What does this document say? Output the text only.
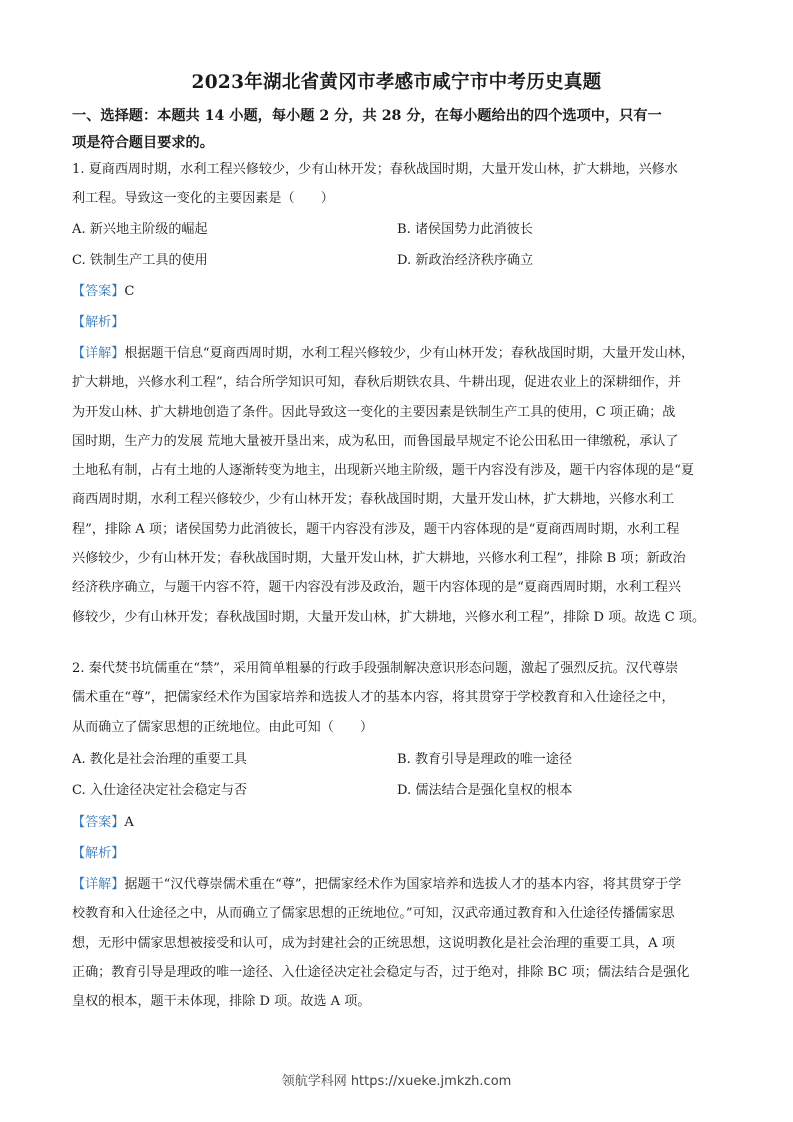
2023年湖北省黄冈市孝感市咸宁市中考历史真题
一、选择题：本题共 14 小题，每小题 2 分，共 28 分，在每小题给出的四个选项中，只有一
项是符合题目要求的。
1. 夏商西周时期，水利工程兴修较少，少有山林开发；春秋战国时期，大量开发山林，扩大耕地，兴修水
利工程。导致这一变化的主要因素是（　　）
A. 新兴地主阶级的崛起	B. 诸侯国势力此消彼长
C. 铁制生产工具的使用	D. 新政治经济秩序确立
【答案】C
【解析】
【详解】根据题干信息“夏商西周时期，水利工程兴修较少，少有山林开发；春秋战国时期，大量开发山林，
扩大耕地，兴修水利工程”，结合所学知识可知，春秋后期铁农具、牛耕出现，促进农业上的深耕细作，并
为开发山林、扩大耕地创造了条件。因此导致这一变化的主要因素是铁制生产工具的使用，C 项正确；战
国时期，生产力的发展 荒地大量被开垦出来，成为私田，而鲁国最早规定不论公田私田一律缴税，承认了
土地私有制，占有土地的人逐渐转变为地主，出现新兴地主阶级，题干内容没有涉及，题干内容体现的是“夏
商西周时期，水利工程兴修较少，少有山林开发；春秋战国时期，大量开发山林，扩大耕地，兴修水利工
程”，排除 A 项；诸侯国势力此消彼长，题干内容没有涉及，题干内容体现的是“夏商西周时期，水利工程
兴修较少，少有山林开发；春秋战国时期，大量开发山林，扩大耕地，兴修水利工程”，排除 B 项；新政治
经济秩序确立，与题干内容不符，题干内容没有涉及政治，题干内容体现的是“夏商西周时期，水利工程兴
修较少，少有山林开发；春秋战国时期，大量开发山林，扩大耕地，兴修水利工程”，排除 D 项。故选 C 项。
2. 秦代焚书坑儒重在“禁”，采用简单粗暴的行政手段强制解决意识形态问题，激起了强烈反抗。汉代尊崇
儒术重在“尊”，把儒家经术作为国家培养和选拔人才的基本内容，将其贯穿于学校教育和入仕途径之中，
从而确立了儒家思想的正统地位。由此可知（　　）
A. 教化是社会治理的重要工具	B. 教育引导是理政的唯一途径
C. 入仕途径决定社会稳定与否	D. 儒法结合是强化皇权的根本
【答案】A
【解析】
【详解】据题干“汉代尊崇儒术重在“尊”，把儒家经术作为国家培养和选拔人才的基本内容，将其贯穿于学
校教育和入仕途径之中，从而确立了儒家思想的正统地位。”可知，汉武帝通过教育和入仕途径传播儒家思
想，无形中儒家思想被接受和认可，成为封建社会的正统思想，这说明教化是社会治理的重要工具，A 项
正确；教育引导是理政的唯一途径、入仕途径决定社会稳定与否，过于绝对，排除 BC 项；儒法结合是强化
皇权的根本，题干未体现，排除 D 项。故选 A 项。
领航学科网 https://xueke.jmkzh.com
